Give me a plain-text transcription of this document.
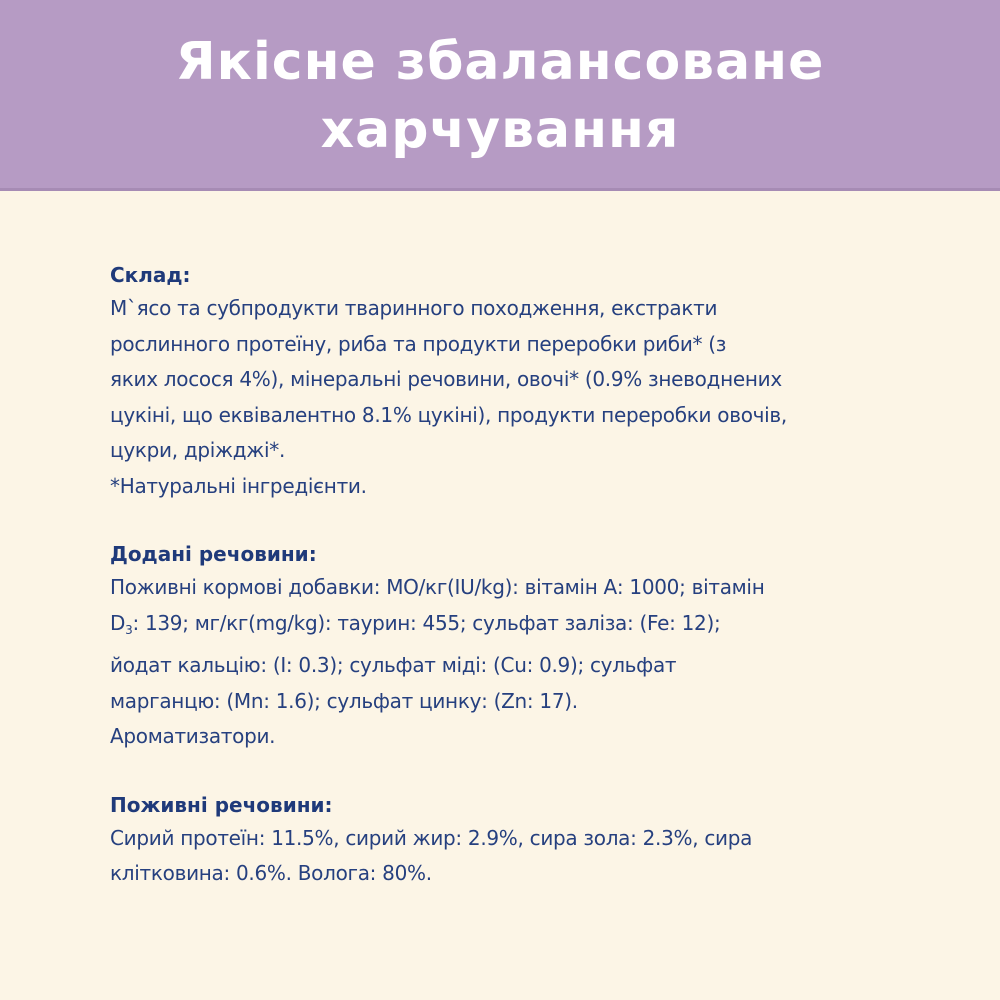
Якісне збалансоване
харчування

Склад:

М`ясо та субпродукти тваринного походження, екстракти
рослинного протеїну, риба та продукти переробки риби* (з
яких лосося 4%), мінеральні речовини, овочі* (0.9% зневоднених
цукіні, що еквівалентно 8.1% цукіні), продукти переробки овочів,
цукри, дріжджі*.
*Натуральні інгредієнти.

Додані речовини:

Поживні кормові добавки: МО/кг(IU/kg): вітамін А: 1000; вітамін
$D_3$: 139; мг/кг(mg/kg): таурин: 455; сульфат заліза: (Fe: 12);
йодат кальцію: (I: 0.3); сульфат міді: (Cu: 0.9); сульфат
марганцю: (Mn: 1.6); сульфат цинку: (Zn: 17).
Ароматизатори.

Поживні речовини:

Сирий протеїн: 11.5%, сирий жир: 2.9%, сира зола: 2.3%, сира
клітковина: 0.6%. Волога: 80%.
